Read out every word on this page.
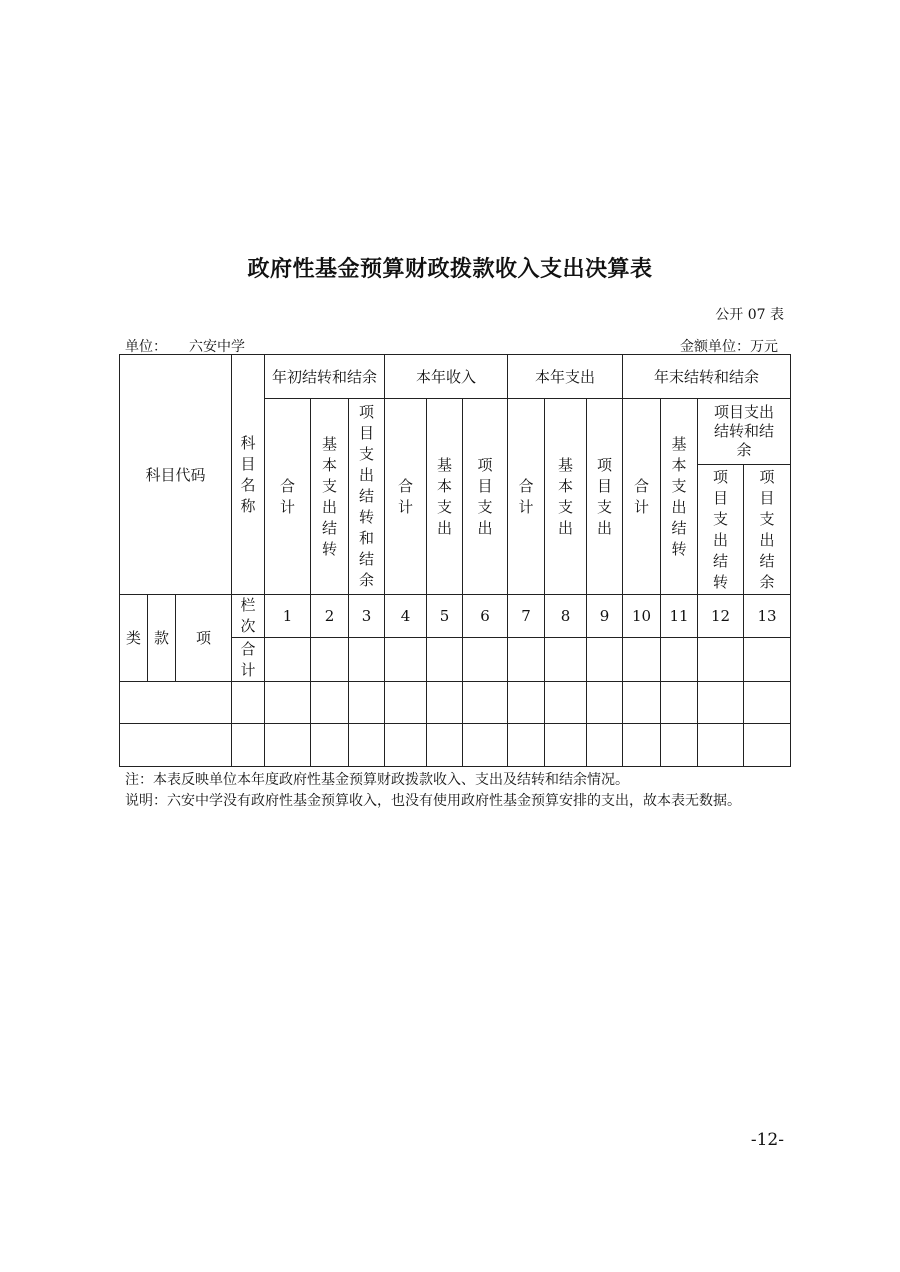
政府性基金预算财政拨款收入支出决算表
公开 07 表
单位： 六安中学	金额单位：万元
科目代码			科目名称	年初结转和结余			本年收入			本年支出			年末结转和结余			
				合计	基本支出结转	项目支出结转和结余	合计	基本支出	项目支出	合计	基本支出	项目支出	合计	基本支出结转	项目支出结转和结余	
															项目支出结转	项目支出结余
类	款	项	栏次	1	2	3	4	5	6	7	8	9	10	11	12	13
			合计													

注：本表反映单位本年度政府性基金预算财政拨款收入、支出及结转和结余情况。
说明：六安中学没有政府性基金预算收入，也没有使用政府性基金预算安排的支出，故本表无数据。
-12-
